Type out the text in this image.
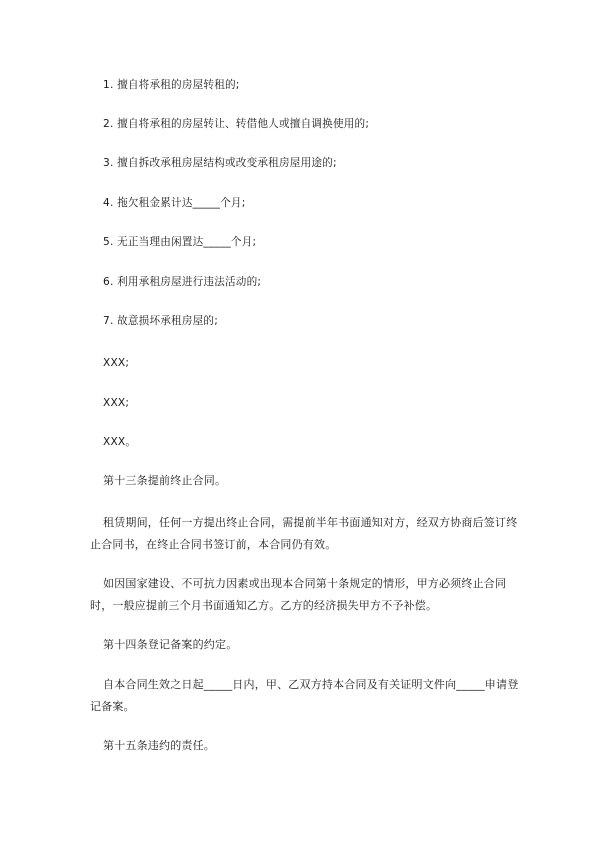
1. 擅自将承租的房屋转租的;

2. 擅自将承租的房屋转让、转借他人或擅自调换使用的;

3. 擅自拆改承租房屋结构或改变承租房屋用途的;

4. 拖欠租金累计达_____个月;

5. 无正当理由闲置达_____个月;

6. 利用承租房屋进行违法活动的;

7. 故意损坏承租房屋的;

XXX;

XXX;

XXX。

第十三条提前终止合同。

租赁期间，任何一方提出终止合同，需提前半年书面通知对方，经双方协商后签订终止合同书，在终止合同书签订前，本合同仍有效。

如因国家建设、不可抗力因素或出现本合同第十条规定的情形，甲方必须终止合同时，一般应提前三个月书面通知乙方。乙方的经济损失甲方不予补偿。

第十四条登记备案的约定。

自本合同生效之日起_____日内，甲、乙双方持本合同及有关证明文件向_____申请登记备案。

第十五条违约的责任。
